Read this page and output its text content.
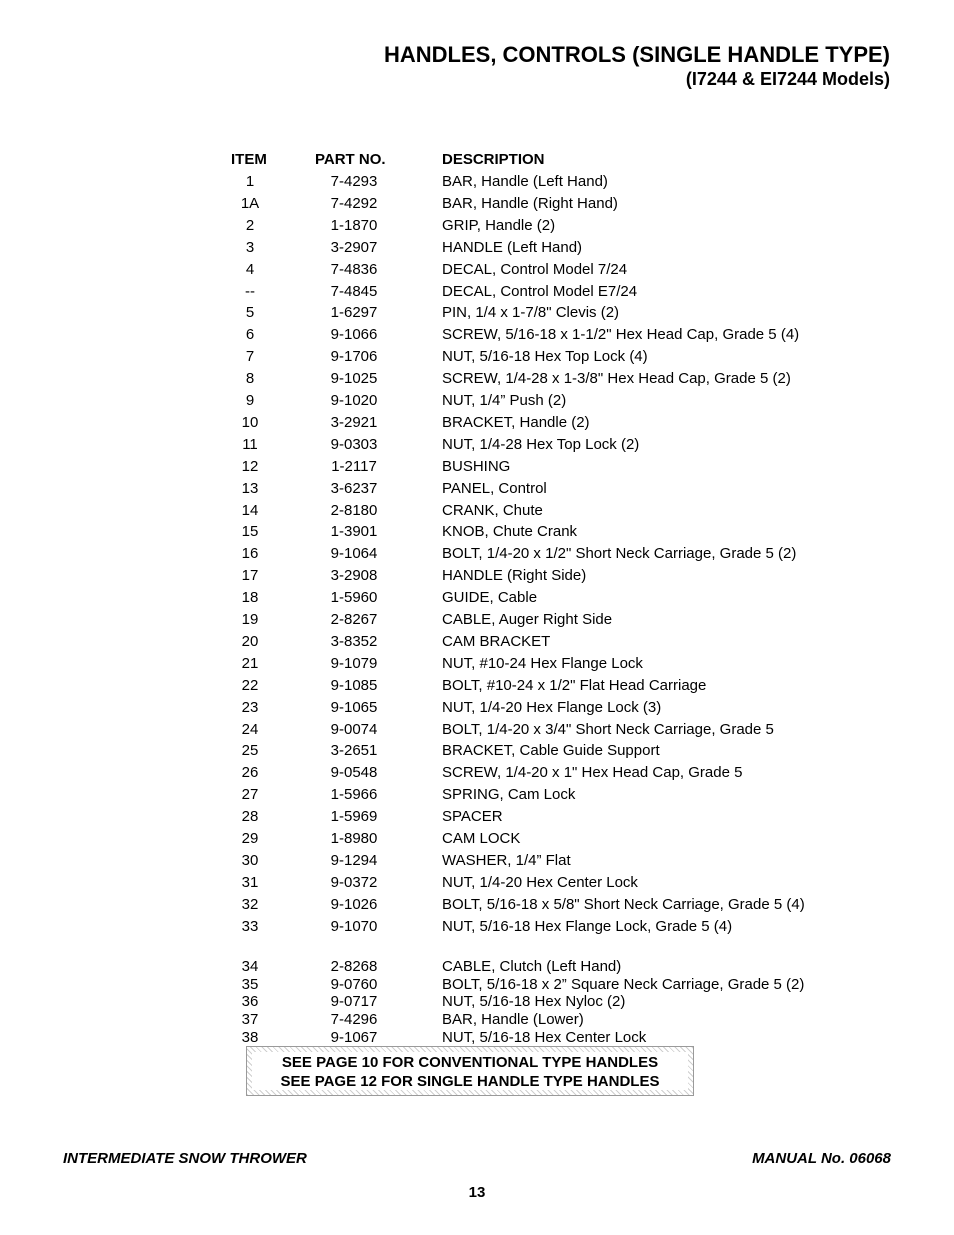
HANDLES, CONTROLS (SINGLE HANDLE TYPE)
(I7244 & EI7244 Models)
ITEM	PART NO.	DESCRIPTION
1	7-4293	BAR, Handle (Left Hand)
1A	7-4292	BAR, Handle (Right Hand)
2	1-1870	GRIP, Handle (2)
3	3-2907	HANDLE (Left Hand)
4	7-4836	DECAL, Control Model 7/24
--	7-4845	DECAL, Control Model E7/24
5	1-6297	PIN, 1/4 x 1-7/8" Clevis (2)
6	9-1066	SCREW, 5/16-18 x 1-1/2" Hex Head Cap, Grade 5 (4)
7	9-1706	NUT, 5/16-18 Hex Top Lock (4)
8	9-1025	SCREW, 1/4-28 x 1-3/8" Hex Head Cap, Grade 5 (2)
9	9-1020	NUT, 1/4” Push (2)
10	3-2921	BRACKET, Handle (2)
11	9-0303	NUT, 1/4-28 Hex Top Lock (2)
12	1-2117	BUSHING
13	3-6237	PANEL, Control
14	2-8180	CRANK, Chute
15	1-3901	KNOB, Chute Crank
16	9-1064	BOLT, 1/4-20 x 1/2" Short Neck Carriage, Grade 5 (2)
17	3-2908	HANDLE (Right Side)
18	1-5960	GUIDE, Cable
19	2-8267	CABLE, Auger Right Side
20	3-8352	CAM BRACKET
21	9-1079	NUT, #10-24 Hex Flange Lock
22	9-1085	BOLT, #10-24 x 1/2" Flat Head Carriage
23	9-1065	NUT, 1/4-20 Hex Flange Lock (3)
24	9-0074	BOLT, 1/4-20 x 3/4" Short Neck Carriage, Grade 5
25	3-2651	BRACKET, Cable Guide Support
26	9-0548	SCREW, 1/4-20 x 1" Hex Head Cap, Grade 5
27	1-5966	SPRING, Cam Lock
28	1-5969	SPACER
29	1-8980	CAM LOCK
30	9-1294	WASHER, 1/4” Flat
31	9-0372	NUT, 1/4-20 Hex Center Lock
32	9-1026	BOLT, 5/16-18 x 5/8" Short Neck Carriage, Grade 5 (4)
33	9-1070	NUT, 5/16-18 Hex Flange Lock, Grade 5 (4)
34	2-8268	CABLE, Clutch (Left Hand)
35	9-0760	BOLT, 5/16-18 x 2” Square Neck Carriage, Grade 5 (2)
36	9-0717	NUT, 5/16-18 Hex Nyloc (2)
37	7-4296	BAR, Handle (Lower)
38	9-1067	NUT, 5/16-18 Hex Center Lock
SEE PAGE 10 FOR CONVENTIONAL TYPE HANDLES
SEE PAGE 12 FOR SINGLE HANDLE TYPE HANDLES
INTERMEDIATE SNOW THROWER	MANUAL No. 06068
13
